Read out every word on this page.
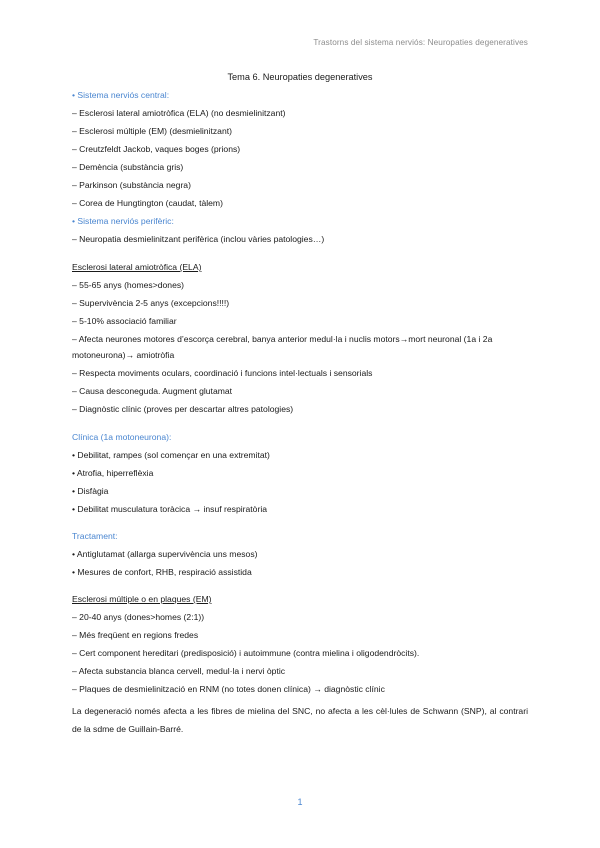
Trastorns del sistema nerviós: Neuropaties degeneratives

Tema 6. Neuropaties degeneratives

• Sistema nerviós central:

– Esclerosi lateral amiotròfica (ELA) (no desmielinitzant)

– Esclerosi múltiple (EM) (desmielinitzant)

– Creutzfeldt Jackob, vaques boges (prions)

– Demència (substància gris)

– Parkinson (substància negra)

– Corea de Hungtington (caudat, tàlem)

• Sistema nerviós perifèric:

– Neuropatia desmielinitzant perifèrica (inclou vàries patologies…)

Esclerosi lateral amiotròfica (ELA)

– 55-65 anys (homes>dones)

– Supervivència 2-5 anys (excepcions!!!!)

– 5-10% associació familiar

– Afecta neurones motores d’escorça cerebral, banya anterior medul·la i nuclis motors→mort neuronal (1a i 2a

motoneurona)→ amiotròfia

– Respecta moviments oculars, coordinació i funcions intel·lectuals i sensorials

– Causa desconeguda. Augment glutamat

– Diagnòstic clínic (proves per descartar altres patologies)

Clínica (1a motoneurona):

• Debilitat, rampes (sol començar en una extremitat)

• Atrofia, hiperreflèxia

• Disfàgia

• Debilitat musculatura toràcica → insuf respiratòria

Tractament:

• Antiglutamat (allarga supervivència uns mesos)

• Mesures de confort, RHB, respiració assistida

Esclerosi múltiple o en plaques (EM)

– 20-40 anys (dones>homes (2:1))

– Més freqüent en regions fredes

– Cert component hereditari (predisposició) i autoimmune (contra mielina i oligodendròcits).

– Afecta substancia blanca cervell, medul·la i nervi òptic

– Plaques de desmielinització en RNM (no totes donen clínica) → diagnòstic clínic

La degeneració només afecta a les fibres de mielina del SNC, no afecta a les cèl·lules de Schwann (SNP), al contrari de la sdme de Guillain-Barré.

1
